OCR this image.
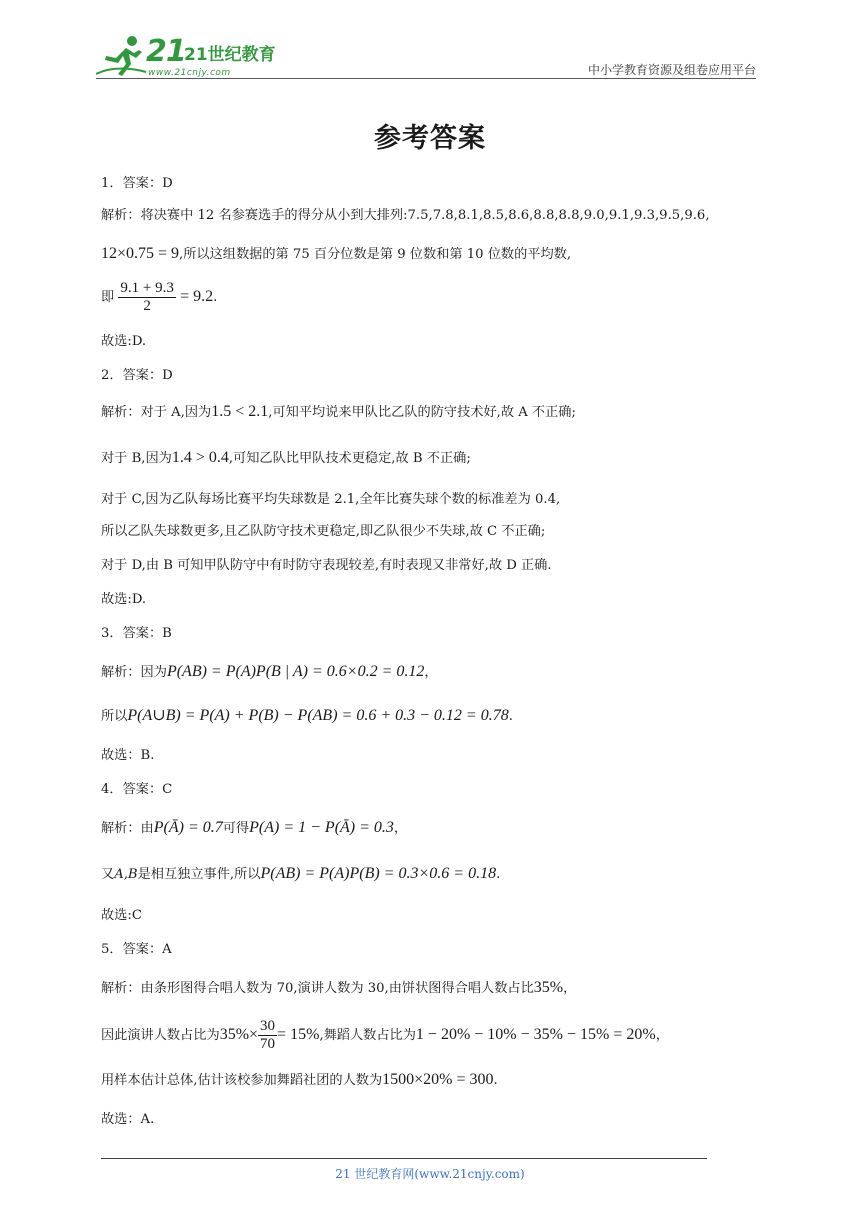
21
21世纪教育
www.21cnjy.com	中小学教育资源及组卷应用平台
参考答案
1．答案：D
解析：将决赛中 12 名参赛选手的得分从小到大排列:7.5,7.8,8.1,8.5,8.6,8.8,8.8,9.0,9.1,9.3,9.5,9.6,
12×0.75 = 9,所以这组数据的第 75 百分位数是第 9 位数和第 10 位数的平均数,
即 $\frac{9.1 + 9.3}{2} = 9.2$.
故选:D.
2．答案：D
解析：对于 A,因为1.5 < 2.1,可知平均说来甲队比乙队的防守技术好,故 A 不正确;
对于 B,因为1.4 > 0.4,可知乙队比甲队技术更稳定,故 B 不正确;
对于 C,因为乙队每场比赛平均失球数是 2.1,全年比赛失球个数的标准差为 0.4,
所以乙队失球数更多,且乙队防守技术更稳定,即乙队很少不失球,故 C 不正确;
对于 D,由 B 可知甲队防守中有时防守表现较差,有时表现又非常好,故 D 正确.
故选:D.
3．答案：B
解析：因为P(AB) = P(A)P(B | A) = 0.6×0.2 = 0.12，
所以P(A∪B) = P(A) + P(B) − P(AB) = 0.6 + 0.3 − 0.12 = 0.78.
故选：B.
4．答案：C
解析：由P(Ā) = 0.7可得P(A) = 1 − P(Ā) = 0.3，
又A,B是相互独立事件,所以P(AB) = P(A)P(B) = 0.3×0.6 = 0.18.
故选:C
5．答案：A
解析：由条形图得合唱人数为 70,演讲人数为 30,由饼状图得合唱人数占比35%，
因此演讲人数占比为$35\%\times \frac{30}{70} = 15\%$,舞蹈人数占比为1 − 20% − 10% − 35% − 15% = 20%，
用样本估计总体,估计该校参加舞蹈社团的人数为1500×20% = 300.
故选：A.
21 世纪教育网(www.21cnjy.com)
